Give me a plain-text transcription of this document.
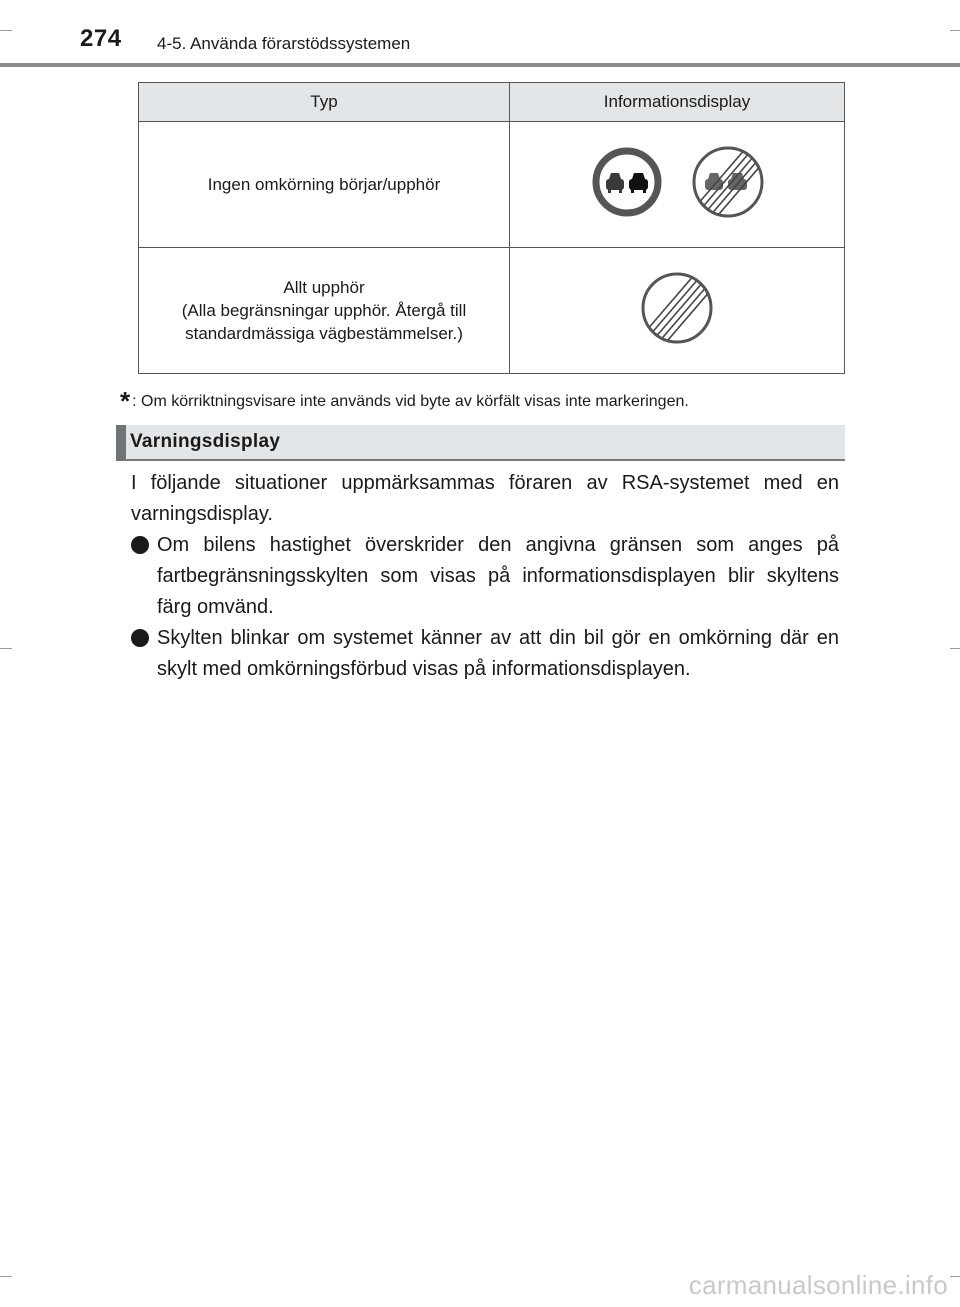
274 4-5. Använda förarstödssystemen
Typ	Informationsdisplay
Ingen omkörning börjar/upphör	

Allt upphör
(Alla begränsningar upphör. Återgå till
standardmässiga vägbestämmelser.)

* : Om körriktningsvisare inte används vid byte av körfält visas inte markeringen.
Varningsdisplay
I följande situationer uppmärksammas föraren av RSA-systemet med en varningsdisplay.
Om bilens hastighet överskrider den angivna gränsen som anges på fartbegränsningsskylten som visas på informationsdisplayen blir skyltens färg omvänd.
Skylten blinkar om systemet känner av att din bil gör en omkörning där en skylt med omkörningsförbud visas på informationsdisplayen.
carmanualsonline.info
